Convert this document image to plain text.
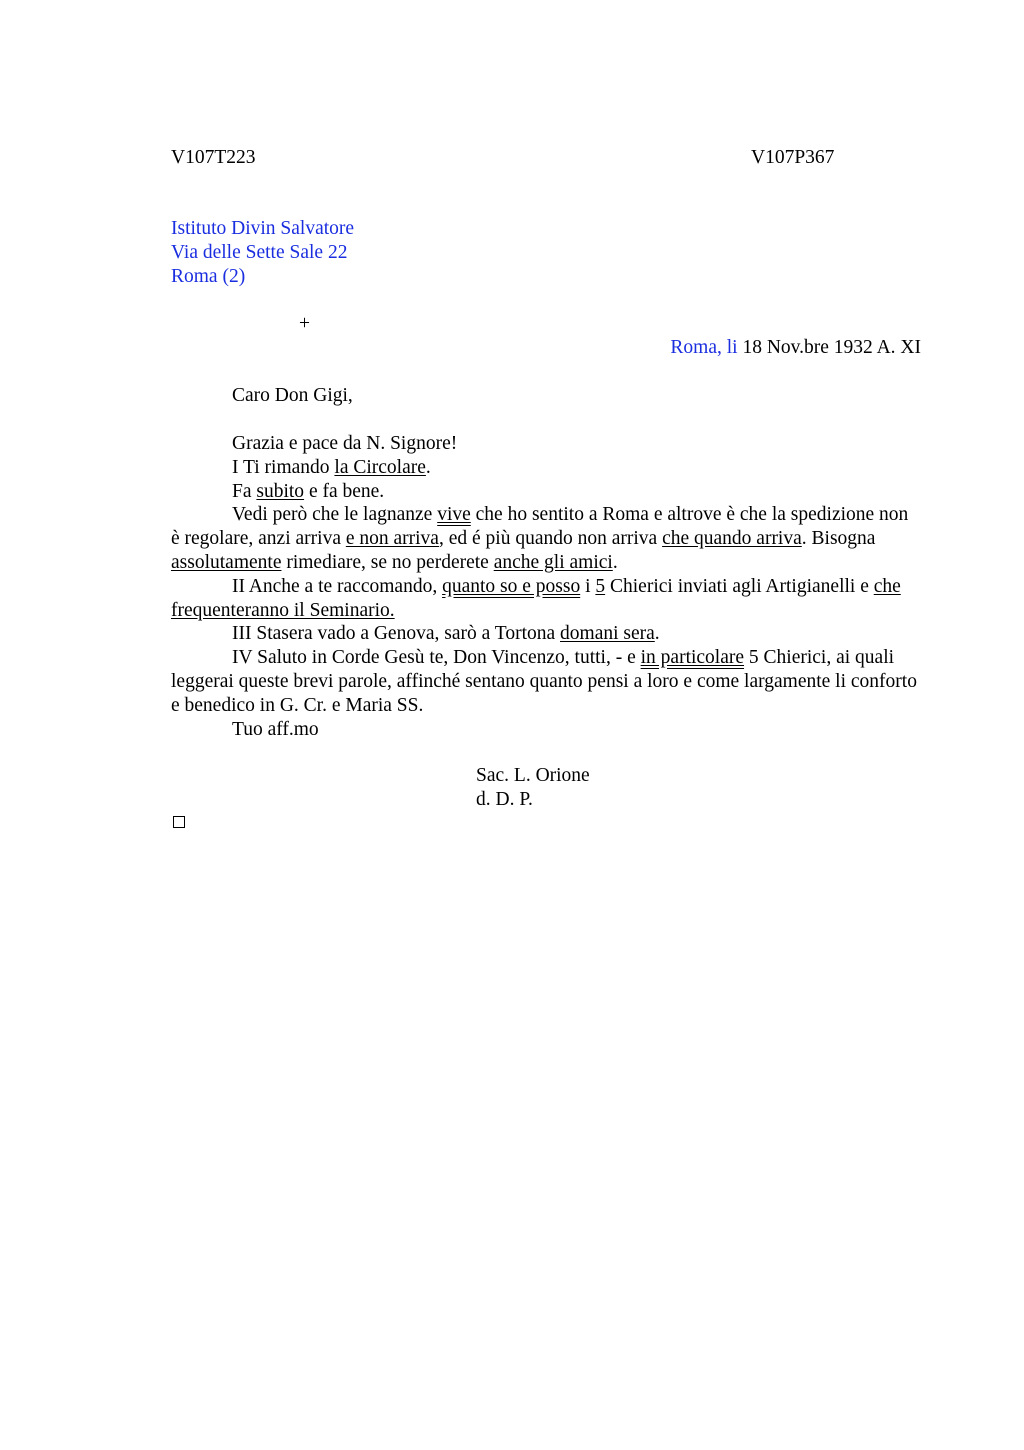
V107T223	V107P367
Istituto Divin Salvatore
Via delle Sette Sale 22
Roma (2)
+
Roma, li 18 Nov.bre 1932 A. XI
Caro Don Gigi,
Grazia e pace da N. Signore!
I Ti rimando la Circolare.
Fa subito e fa bene.
Vedi però che le lagnanze vive che ho sentito a Roma e altrove è che la spedizione non è regolare, anzi arriva e non arriva, ed é più quando non arriva che quando arriva. Bisogna assolutamente rimediare, se no perderete anche gli amici.
II Anche a te raccomando, quanto so e posso i 5 Chierici inviati agli Artigianelli e che frequenteranno il Seminario.
III Stasera vado a Genova, sarò a Tortona domani sera.
IV Saluto in Corde Gesù te, Don Vincenzo, tutti, - e in particolare 5 Chierici, ai quali leggerai queste brevi parole, affinché sentano quanto pensi a loro e come largamente li conforto e benedico in G. Cr. e Maria SS.
Tuo aff.mo
Sac. L. Orione
d. D. P.
